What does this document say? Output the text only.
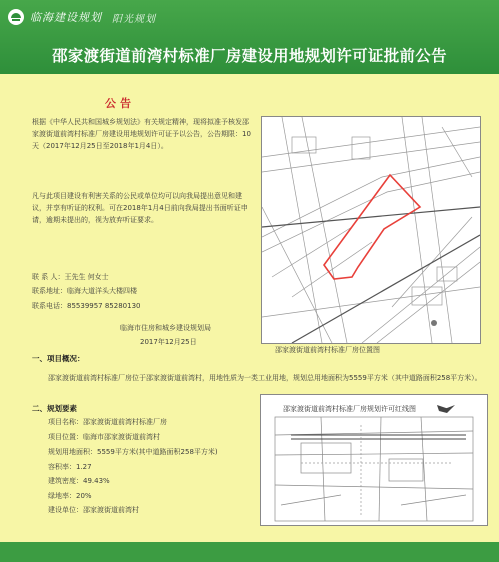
临海建设规划 阳光规划
邵家渡街道前湾村标准厂房建设用地规划许可证批前公告
公告
根据《中华人民共和国城乡规划法》有关规定精神，现将拟准予核发邵家渡街道前湾村标准厂房建设用地规划许可证予以公告，公告期限：10天（2017年12月25日至2018年1月4日）。
凡与此项目建设有利害关系的公民或单位均可以向我局提出意见和建议，并享有听证的权利。可在2018年1月4日前向我局提出书面听证申请，逾期未提出的，视为放弃听证要求。
联 系 人：王先生 何女士
联系地址：临海大道洋头大楼四楼
联系电话：85539957 85280130
临海市住房和城乡建设规划局
2017年12月25日
邵家渡街道前湾村标准厂房位置图
一、项目概况：
邵家渡街道前湾村标准厂房位于邵家渡街道前湾村，用地性质为一类工业用地，规划总用地面积为5559平方米（其中道路面积258平方米）。
二、规划要素
项目名称：邵家渡街道前湾村标准厂房
项目位置：临海市邵家渡街道前湾村
规划用地面积：5559平方米(其中道路面积258平方米)
容积率：1.27
建筑密度：49.43%
绿地率：20%
建设单位：邵家渡街道前湾村
邵家渡街道前湾村标准厂房规划许可红线图
